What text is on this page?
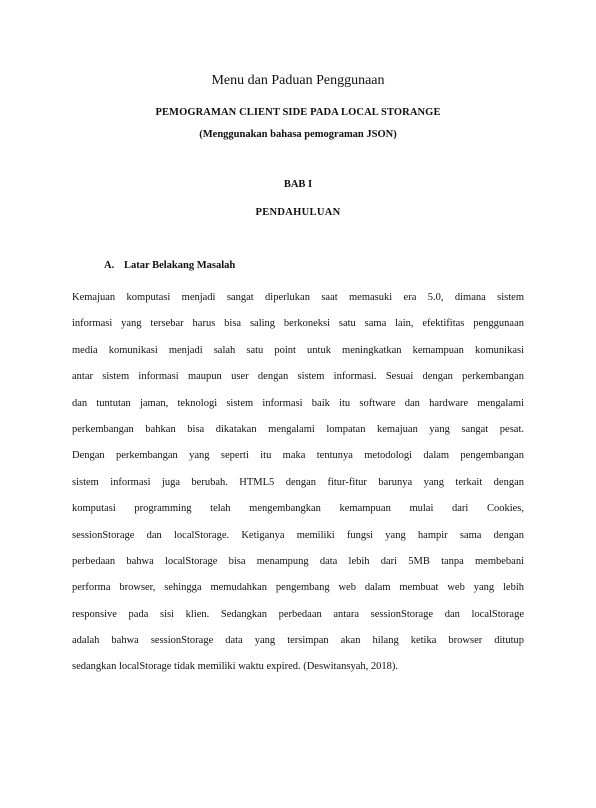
Menu dan Paduan Penggunaan
PEMOGRAMAN CLIENT SIDE PADA LOCAL STORANGE
(Menggunakan bahasa pemograman JSON)
BAB I
PENDAHULUAN
A. Latar Belakang Masalah
Kemajuan komputasi menjadi sangat diperlukan saat memasuki era 5.0, dimana sistem
informasi yang tersebar harus bisa saling berkoneksi satu sama lain, efektifitas penggunaan
media komunikasi menjadi salah satu point untuk meningkatkan kemampuan komunikasi
antar sistem informasi maupun user dengan sistem informasi. Sesuai dengan perkembangan
dan tuntutan jaman, teknologi sistem informasi baik itu software dan hardware mengalami
perkembangan bahkan bisa dikatakan mengalami lompatan kemajuan yang sangat pesat.
Dengan perkembangan yang seperti itu maka tentunya metodologi dalam pengembangan
sistem informasi juga berubah. HTML5 dengan fitur-fitur barunya yang terkait dengan
komputasi programming telah mengembangkan kemampuan mulai dari Cookies,
sessionStorage dan localStorage. Ketiganya memiliki fungsi yang hampir sama dengan
perbedaan bahwa localStorage bisa menampung data lebih dari 5MB tanpa membebani
performa browser, sehingga memudahkan pengembang web dalam membuat web yang lebih
responsive pada sisi klien. Sedangkan perbedaan antara sessionStorage dan localStorage
adalah bahwa sessionStorage data yang tersimpan akan hilang ketika browser ditutup
sedangkan localStorage tidak memiliki waktu expired. (Deswitansyah, 2018).
